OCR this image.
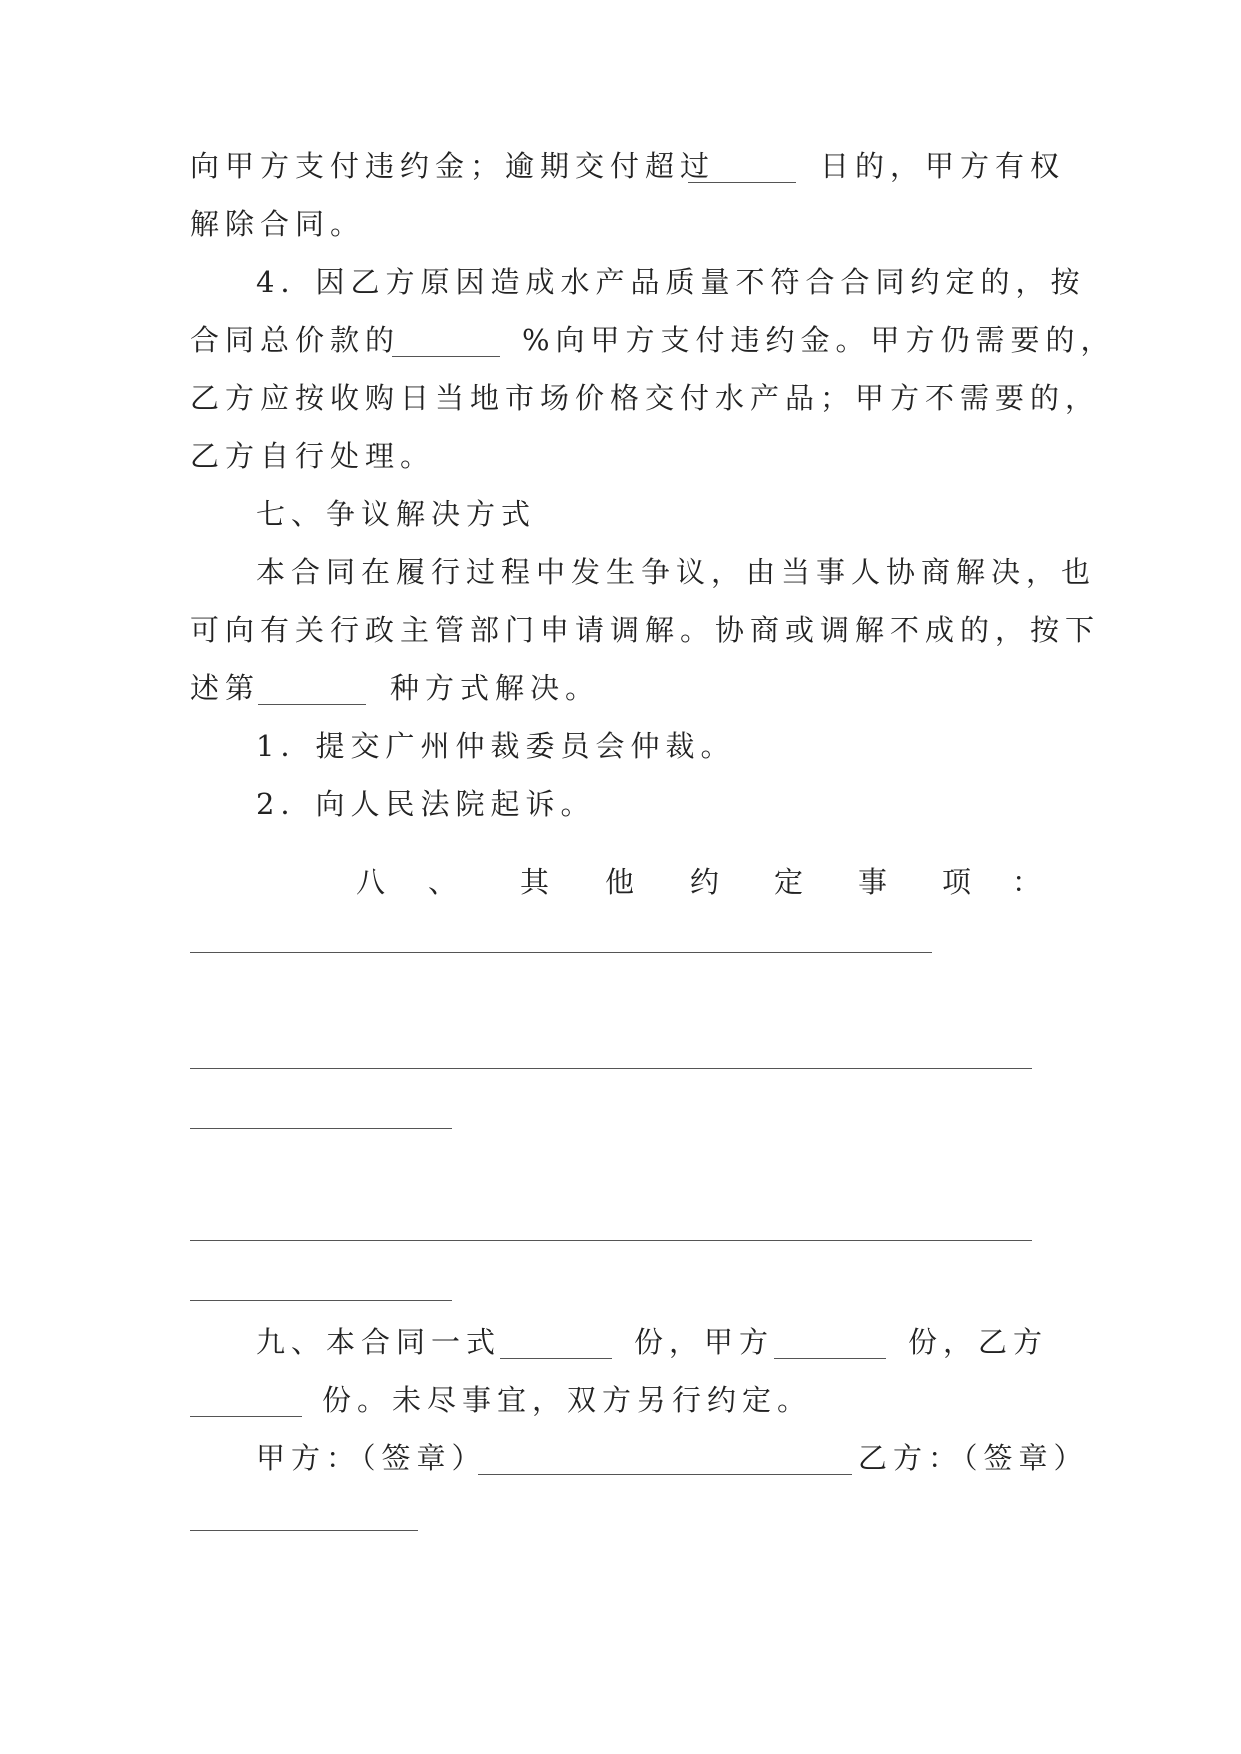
向甲方支付违约金；逾期交付超过	日的，甲方有权
解除合同。
4．因乙方原因造成水产品质量不符合合同约定的，按
合同总价款的	%向甲方支付违约金。甲方仍需要的，
乙方应按收购日当地市场价格交付水产品；甲方不需要的，
乙方自行处理。
七、争议解决方式
本合同在履行过程中发生争议，由当事人协商解决，也
可向有关行政主管部门申请调解。协商或调解不成的，按下
述第	种方式解决。
1．提交广州仲裁委员会仲裁。
2．向人民法院起诉。
八 、 其 他 约 定 事 项 ：
九、本合同一式	份，甲方	份，乙方
份。未尽事宜，双方另行约定。
甲方：（签章）	乙方：（签章）
